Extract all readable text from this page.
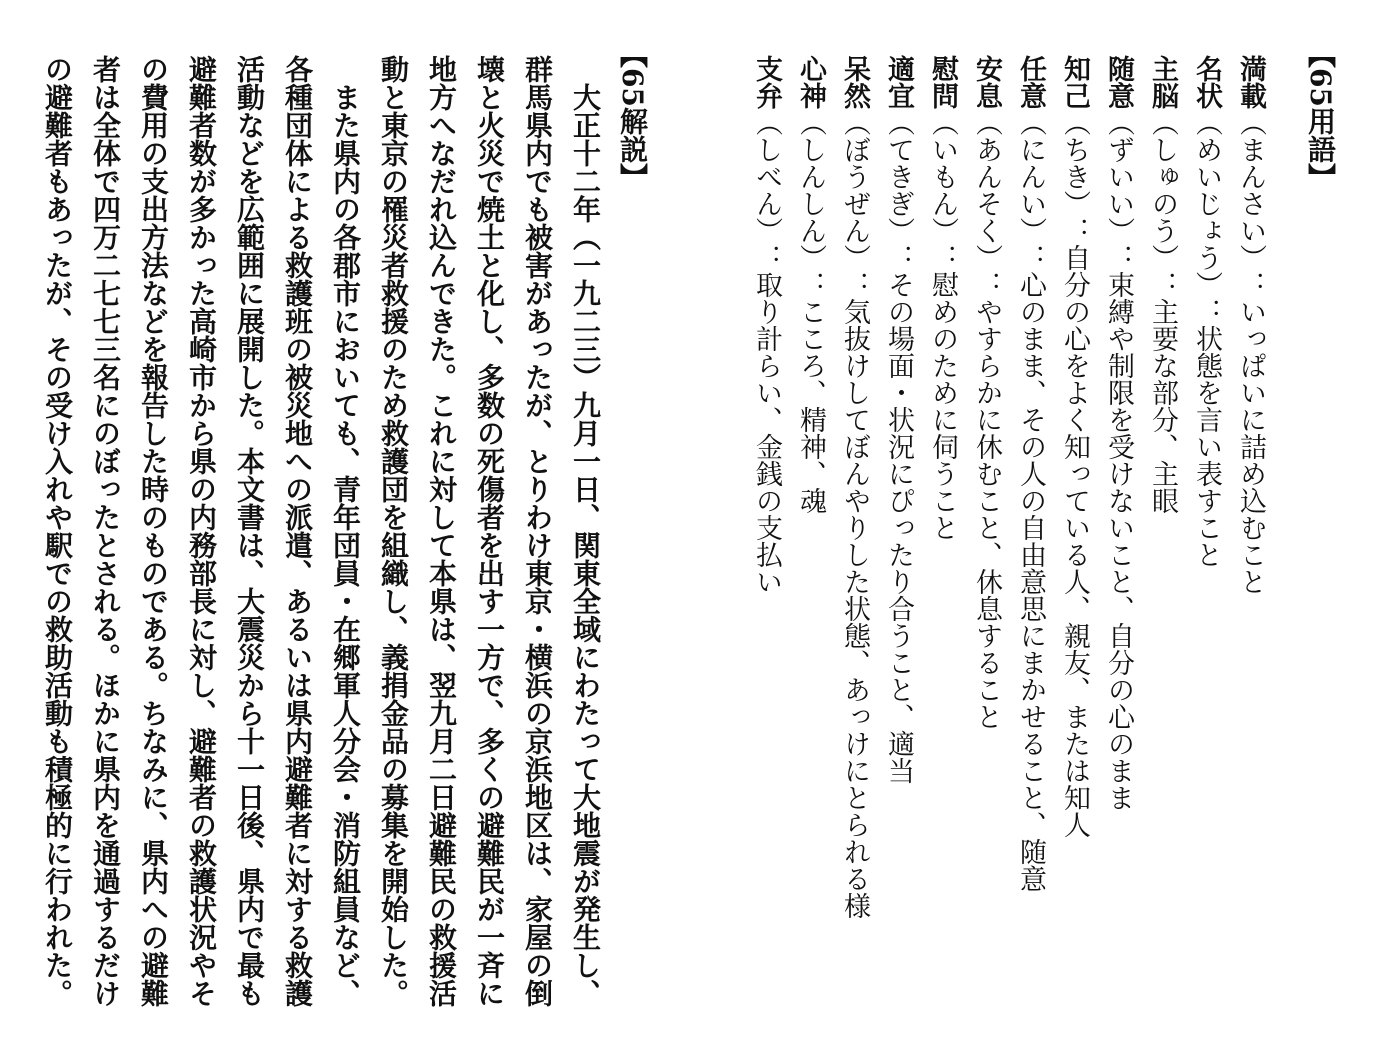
【65用語】
満載（まんさい）：いっぱいに詰め込むこと
名状（めいじょう）：状態を言い表すこと
主脳（しゅのう）：主要な部分、主眼
随意（ずいい）：束縛や制限を受けないこと、自分の心のまま
知己（ちき）：自分の心をよく知っている人、親友、または知人
任意（にんい）：心のまま、その人の自由意思にまかせること、随意
安息（あんそく）：やすらかに休むこと、休息すること
慰問（いもん）：慰めのために伺うこと
適宜（てきぎ）：その場面・状況にぴったり合うこと、適当
呆然（ぼうぜん）：気抜けしてぼんやりした状態、あっけにとられる様
心神（しんしん）：こころ、精神、魂
支弁（しべん）：取り計らい、金銭の支払い
【65解説】
大正十二年（一九二三）九月一日、関東全域にわたって大地震が発生し、
群馬県内でも被害があったが、とりわけ東京・横浜の京浜地区は、家屋の倒
壊と火災で焼土と化し、多数の死傷者を出す一方で、多くの避難民が一斉に
地方へなだれ込んできた。これに対して本県は、翌九月二日避難民の救援活
動と東京の罹災者救援のため救護団を組織し、義捐金品の募集を開始した。
また県内の各郡市においても、青年団員・在郷軍人分会・消防組員など、
各種団体による救護班の被災地への派遣、あるいは県内避難者に対する救護
活動などを広範囲に展開した。本文書は、大震災から十一日後、県内で最も
避難者数が多かった高崎市から県の内務部長に対し、避難者の救護状況やそ
の費用の支出方法などを報告した時のものである。ちなみに、県内への避難
者は全体で四万二七七三名にのぼったとされる。ほかに県内を通過するだけ
の避難者もあったが、その受け入れや駅での救助活動も積極的に行われた。
